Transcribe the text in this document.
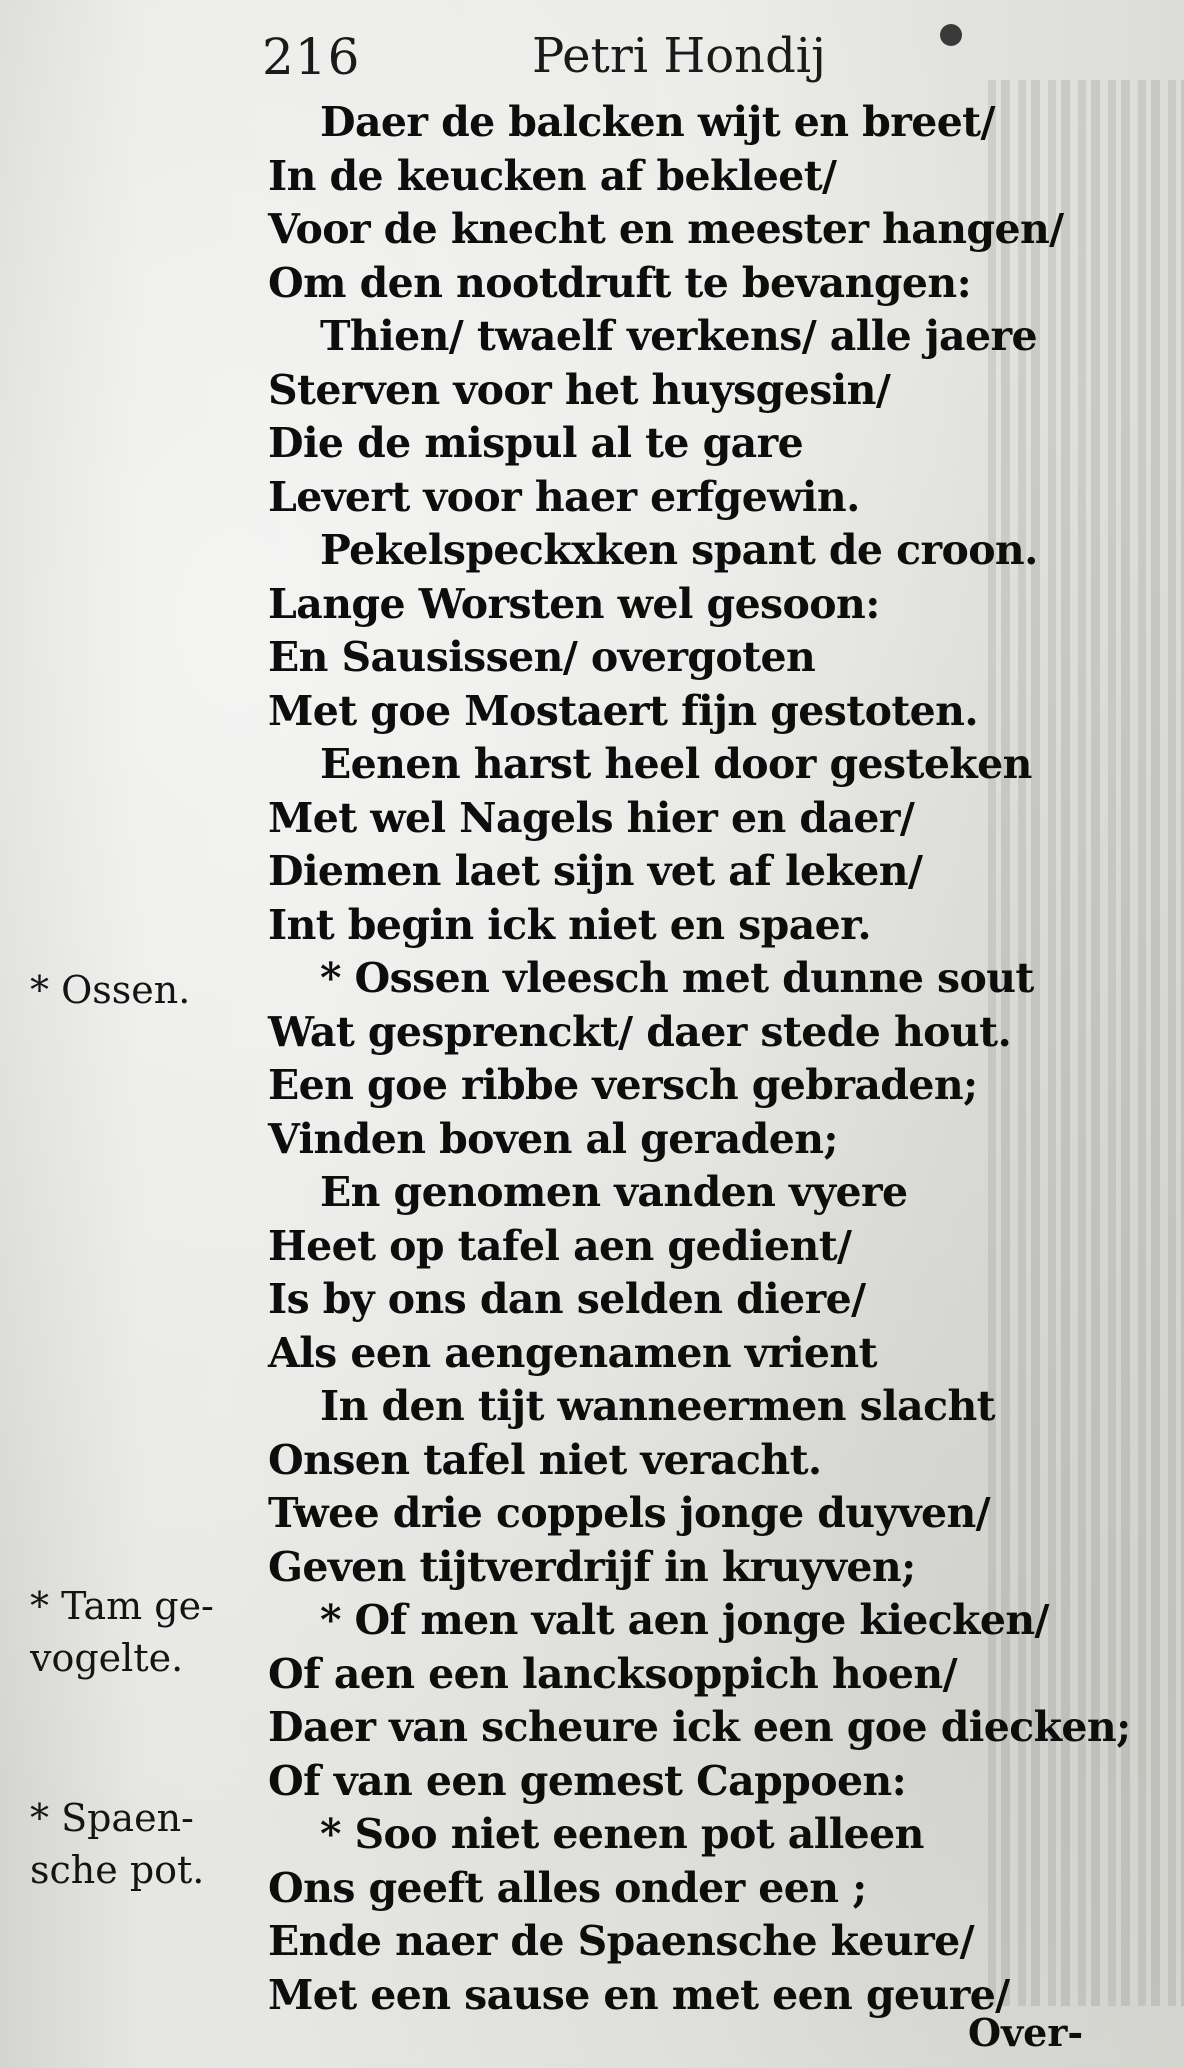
216	Petri Hondij
Daer de balcken wijt en breet/
In de keucken af bekleet/
Voor de knecht en meester hangen/
Om den nootdruft te bevangen:
Thien/ twaelf verkens/ alle jaere
Sterven voor het huysgesin/
Die de mispul al te gare
Levert voor haer erfgewin.
Pekelspeckxken spant de croon.
Lange Worsten wel gesoon:
En Sausissen/ overgoten
Met goe Mostaert fijn gestoten.
Eenen harst heel door gesteken
Met wel Nagels hier en daer/
Diemen laet sijn vet af leken/
Int begin ick niet en spaer.
* Ossen vleesch met dunne sout
Wat gesprenckt/ daer stede hout.
Een goe ribbe versch gebraden;
Vinden boven al geraden;
En genomen vanden vyere
Heet op tafel aen gedient/
Is by ons dan selden diere/
Als een aengenamen vrient
In den tijt wanneermen slacht
Onsen tafel niet veracht.
Twee drie coppels jonge duyven/
Geven tijtverdrijf in kruyven;
* Of men valt aen jonge kiecken/
Of aen een lancksoppich hoen/
Daer van scheure ick een goe diecken;
Of van een gemest Cappoen:
* Soo niet eenen pot alleen
Ons geeft alles onder een ;
Ende naer de Spaensche keure/
Met een sause en met een geure/
Over-
* Ossen.
* Tam ge-
vogelte.
* Spaen-
sche pot.
